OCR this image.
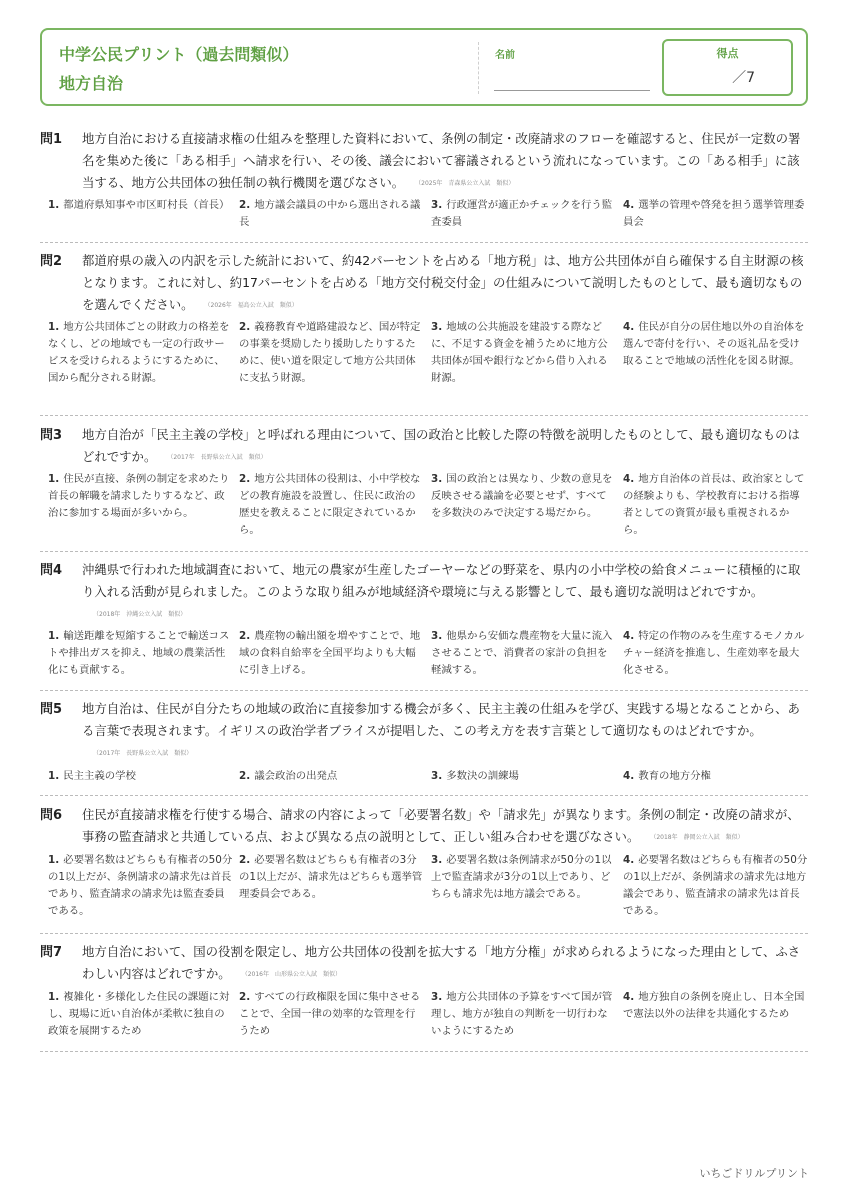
中学公民プリント（過去問類似）
地方自治
名前	得点
／7
問1 地方自治における直接請求権の仕組みを整理した資料において、条例の制定・改廃請求のフローを確認すると、住民が一定数の署名を集めた後に「ある相手」へ請求を行い、その後、議会において審議されるという流れになっています。この「ある相手」に該当する、地方公共団体の独任制の執行機関を選びなさい。 （2025年　青森県公立入試　類似）
1. 都道府県知事や市区町村長（首長） 2. 地方議会議員の中から選出される議長
3. 行政運営が適正かチェックを行う監査委員
4. 選挙の管理や啓発を担う選挙管理委員会
問2 都道府県の歳入の内訳を示した統計において、約42パーセントを占める「地方税」は、地方公共団体が自ら確保する自主財源の核となります。これに対し、約17パーセントを占める「地方交付税交付金」の仕組みについて説明したものとして、最も適切なものを選んでください。 （2026年　福島公立入試　類似）
1. 地方公共団体ごとの財政力の格差をなくし、どの地域でも一定の行政サービスを受けられるようにするために、国から配分される財源。
2. 義務教育や道路建設など、国が特定の事業を奨励したり援助したりするために、使い道を限定して地方公共団体に支払う財源。
3. 地域の公共施設を建設する際などに、不足する資金を補うために地方公共団体が国や銀行などから借り入れる財源。
4. 住民が自分の居住地以外の自治体を選んで寄付を行い、その返礼品を受け取ることで地域の活性化を図る財源。
問3 地方自治が「民主主義の学校」と呼ばれる理由について、国の政治と比較した際の特徴を説明したものとして、最も適切なものはどれですか。 （2017年　長野県公立入試　類似）
1. 住民が直接、条例の制定を求めたり首長の解職を請求したりするなど、政治に参加する場面が多いから。
2. 地方公共団体の役割は、小中学校などの教育施設を設置し、住民に政治の歴史を教えることに限定されているから。
3. 国の政治とは異なり、少数の意見を反映させる議論を必要とせず、すべてを多数決のみで決定する場だから。
4. 地方自治体の首長は、政治家としての経験よりも、学校教育における指導者としての資質が最も重視されるから。
問4 沖縄県で行われた地域調査において、地元の農家が生産したゴーヤーなどの野菜を、県内の小中学校の給食メニューに積極的に取り入れる活動が見られました。このような取り組みが地域経済や環境に与える影響として、最も適切な説明はどれですか。（2018年　沖縄公立入試　類似）
1. 輸送距離を短縮することで輸送コストや排出ガスを抑え、地域の農業活性化にも貢献する。
2. 農産物の輸出額を増やすことで、地域の食料自給率を全国平均よりも大幅に引き上げる。
3. 他県から安価な農産物を大量に流入させることで、消費者の家計の負担を軽減する。
4. 特定の作物のみを生産するモノカルチャー経済を推進し、生産効率を最大化させる。
問5 地方自治は、住民が自分たちの地域の政治に直接参加する機会が多く、民主主義の仕組みを学び、実践する場となることから、ある言葉で表現されます。イギリスの政治学者ブライスが提唱した、この考え方を表す言葉として適切なものはどれですか。（2017年　長野県公立入試　類似）
1. 民主主義の学校	2. 議会政治の出発点	3. 多数決の訓練場	4. 教育の地方分権
問6 住民が直接請求権を行使する場合、請求の内容によって「必要署名数」や「請求先」が異なります。条例の制定・改廃の請求が、事務の監査請求と共通している点、および異なる点の説明として、正しい組み合わせを選びなさい。 （2018年　静岡公立入試　類似）
1. 必要署名数はどちらも有権者の50分の1以上だが、条例請求の請求先は首長であり、監査請求の請求先は監査委員である。
2. 必要署名数はどちらも有権者の3分の1以上だが、請求先はどちらも選挙管理委員会である。
3. 必要署名数は条例請求が50分の1以上で監査請求が3分の1以上であり、どちらも請求先は地方議会である。
4. 必要署名数はどちらも有権者の50分の1以上だが、条例請求の請求先は地方議会であり、監査請求の請求先は首長である。
問7 地方自治において、国の役割を限定し、地方公共団体の役割を拡大する「地方分権」が求められるようになった理由として、ふさわしい内容はどれですか。 （2016年　山形県公立入試　類似）
1. 複雑化・多様化した住民の課題に対し、現場に近い自治体が柔軟に独自の政策を展開するため
2. すべての行政権限を国に集中させることで、全国一律の効率的な管理を行うため
3. 地方公共団体の予算をすべて国が管理し、地方が独自の判断を一切行わないようにするため
4. 地方独自の条例を廃止し、日本全国で憲法以外の法律を共通化するため
いちごドリルプリント
